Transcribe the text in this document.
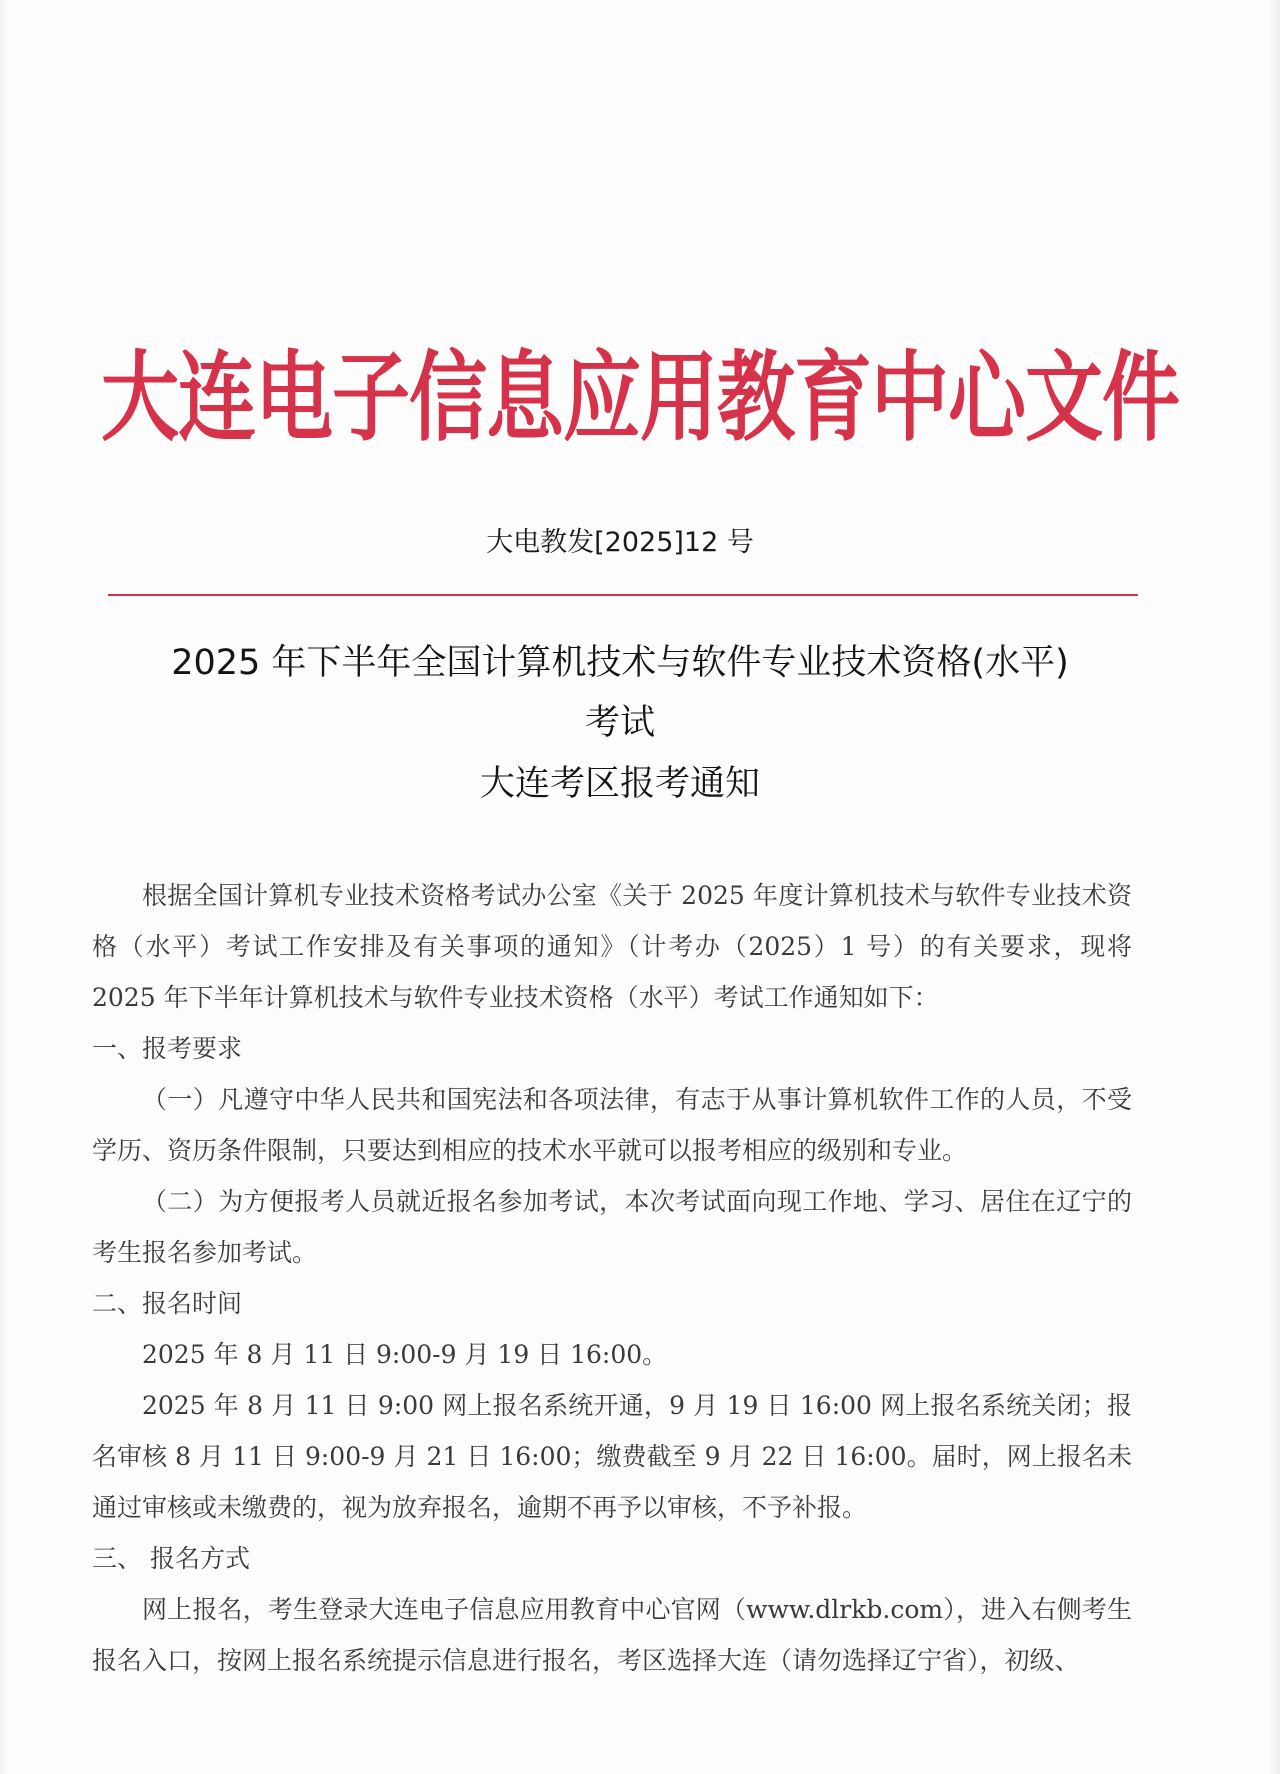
大连电子信息应用教育中心文件
大电教发[2025]12 号
2025 年下半年全国计算机技术与软件专业技术资格(水平)
考试
大连考区报考通知

根据全国计算机专业技术资格考试办公室《关于 2025 年度计算机技术与软件专业技术资格（水平）考试工作安排及有关事项的通知》（计考办（2025）1 号）的有关要求，现将 2025 年下半年计算机技术与软件专业技术资格（水平）考试工作通知如下：

一、报考要求

（一）凡遵守中华人民共和国宪法和各项法律，有志于从事计算机软件工作的人员，不受学历、资历条件限制，只要达到相应的技术水平就可以报考相应的级别和专业。

（二）为方便报考人员就近报名参加考试，本次考试面向现工作地、学习、居住在辽宁的考生报名参加考试。

二、报名时间

2025 年 8 月 11 日 9:00-9 月 19 日 16:00。

2025 年 8 月 11 日 9:00 网上报名系统开通，9 月 19 日 16:00 网上报名系统关闭；报名审核 8 月 11 日 9:00-9 月 21 日 16:00；缴费截至 9 月 22 日 16:00。届时，网上报名未通过审核或未缴费的，视为放弃报名，逾期不再予以审核，不予补报。

三、 报名方式

网上报名，考生登录大连电子信息应用教育中心官网（www.dlrkb.com），进入右侧考生报名入口，按网上报名系统提示信息进行报名，考区选择大连（请勿选择辽宁省），初级、
